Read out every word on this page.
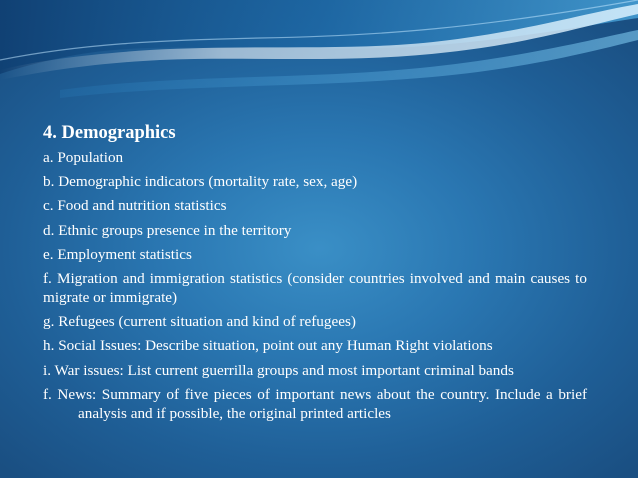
4. Demographics
a. Population
b. Demographic indicators (mortality rate, sex, age)
c. Food and nutrition statistics
d. Ethnic groups presence in the territory
e. Employment statistics
f. Migration and immigration statistics (consider countries involved and main causes to migrate or immigrate)
g. Refugees (current situation and kind of refugees)
h. Social Issues: Describe situation, point out any Human Right violations
i. War issues: List current guerrilla groups and most important criminal bands
f. News: Summary of five pieces of important news about the country. Include a brief analysis and if possible, the original printed articles
